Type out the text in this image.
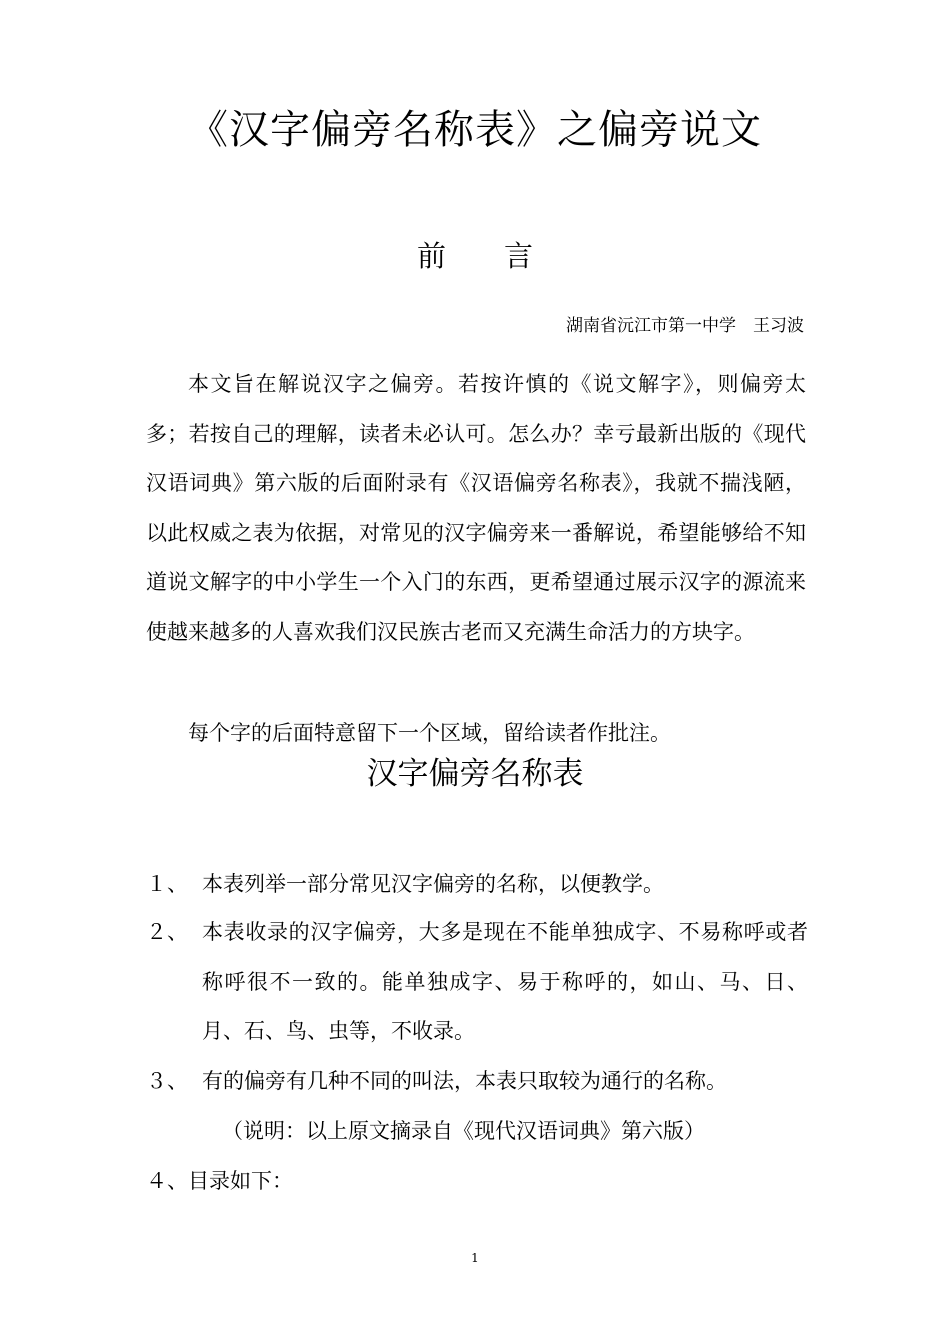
《汉字偏旁名称表》之偏旁说文
前 言
湖南省沅江市第一中学　王习波

本文旨在解说汉字之偏旁。若按许慎的《说文解字》，则偏旁太多；若按自己的理解，读者未必认可。怎么办？幸亏最新出版的《现代汉语词典》第六版的后面附录有《汉语偏旁名称表》，我就不揣浅陋，以此权威之表为依据，对常见的汉字偏旁来一番解说，希望能够给不知道说文解字的中小学生一个入门的东西，更希望通过展示汉字的源流来使越来越多的人喜欢我们汉民族古老而又充满生命活力的方块字。

每个字的后面特意留下一个区域，留给读者作批注。

汉字偏旁名称表
１、 本表列举一部分常见汉字偏旁的名称，以便教学。
２、 本表收录的汉字偏旁，大多是现在不能单独成字、不易称呼或者称呼很不一致的。能单独成字、易于称呼的，如山、马、日、月、石、鸟、虫等，不收录。
３、 有的偏旁有几种不同的叫法，本表只取较为通行的名称。
（说明：以上原文摘录自《现代汉语词典》第六版）
４、目录如下：
1
